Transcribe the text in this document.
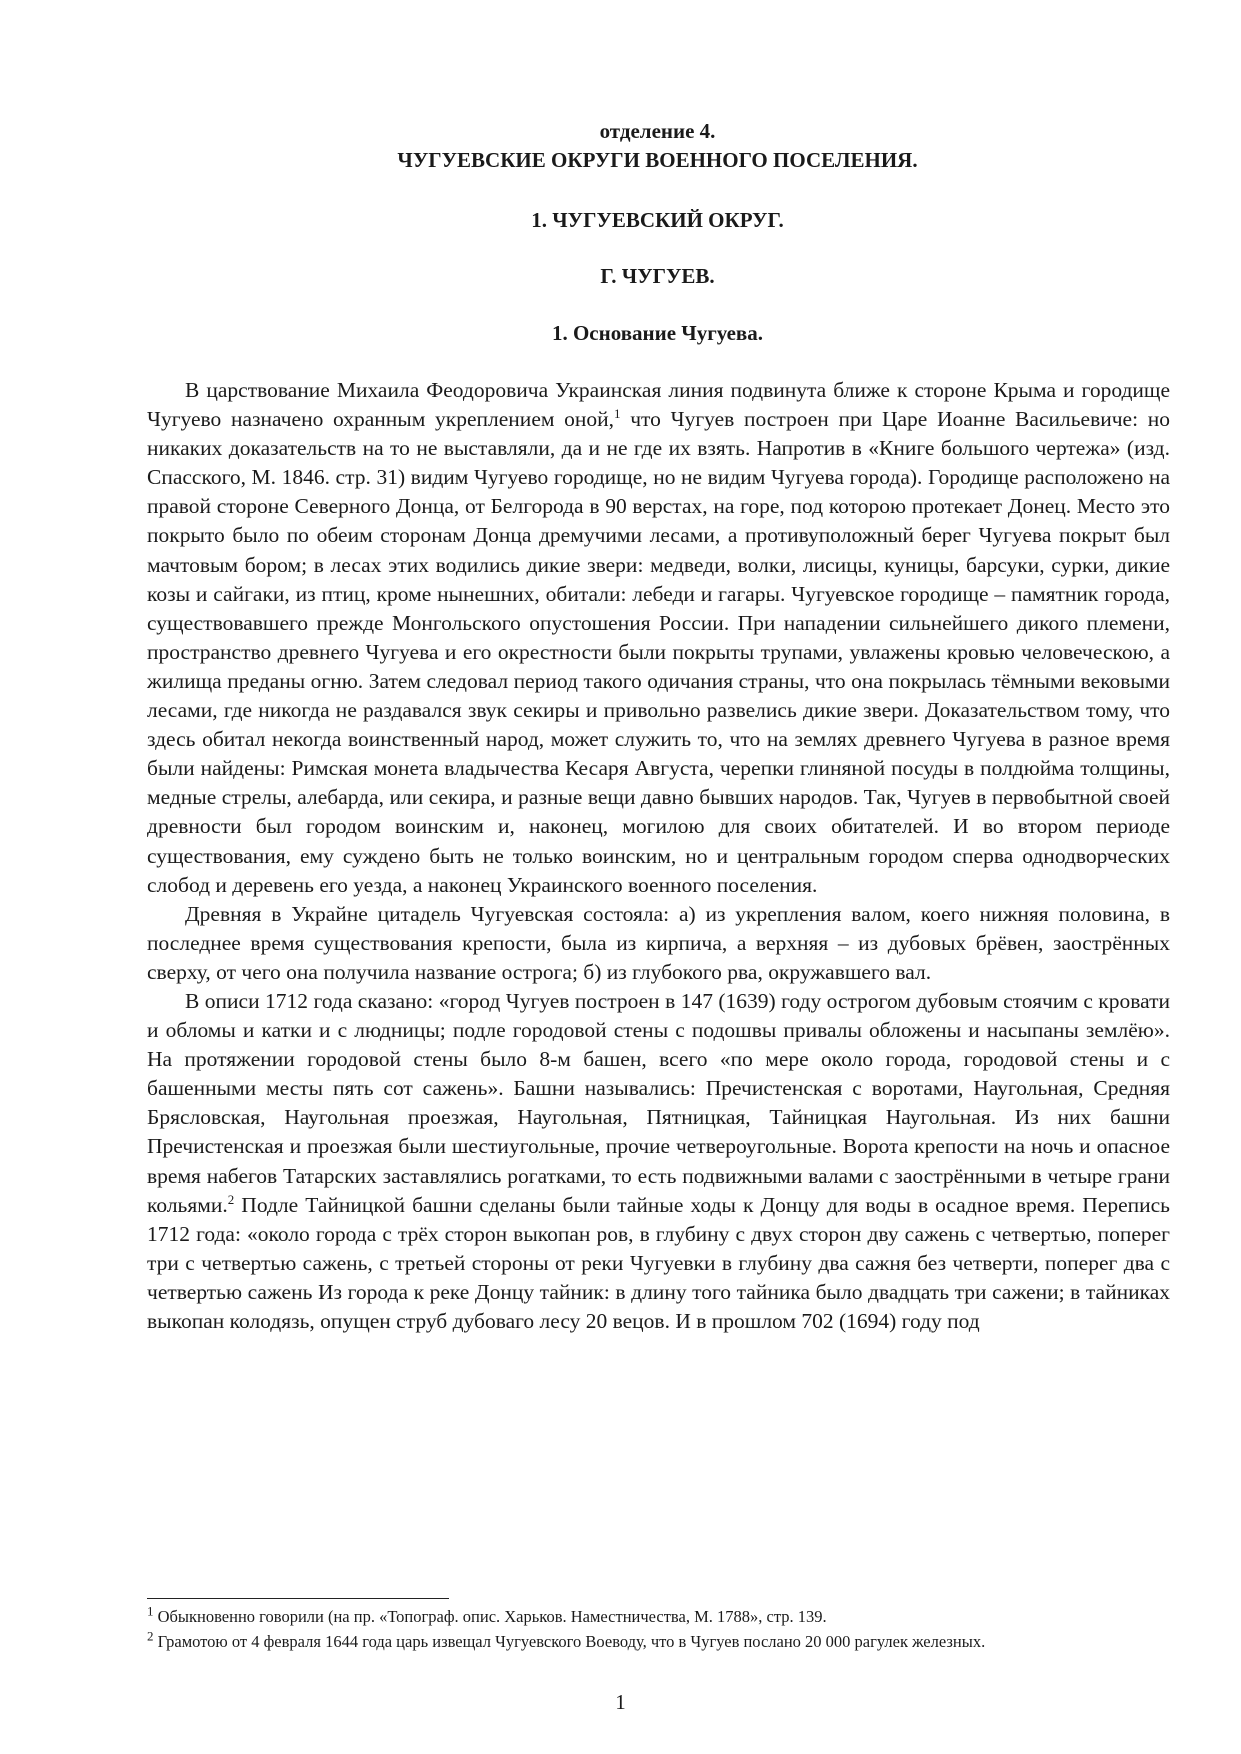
отделение 4.
ЧУГУЕВСКИЕ ОКРУГИ ВОЕННОГО ПОСЕЛЕНИЯ.
1. ЧУГУЕВСКИЙ ОКРУГ.
Г. ЧУГУЕВ.
1. Основание Чугуева.

В царствование Михаила Феодоровича Украинская линия подвинута ближе к стороне Крыма и городище Чугуево назначено охранным укреплением оной,$^1$ что Чугуев построен при Царе Иоанне Васильевиче: но никаких доказательств на то не выставляли, да и не где их взять. Напротив в «Книге большого чертежа» (изд. Спасского, М. 1846. стр. 31) видим Чугуево городище, но не видим Чугуева города). Городище расположено на правой стороне Северного Донца, от Белгорода в 90 верстах, на горе, под которою протекает Донец. Место это покрыто было по обеим сторонам Донца дремучими лесами, а противуположный берег Чугуева покрыт был мачтовым бором; в лесах этих водились дикие звери: медведи, волки, лисицы, куницы, барсуки, сурки, дикие козы и сайгаки, из птиц, кроме нынешних, обитали: лебеди и гагары. Чугуевское городище – памятник города, существовавшего прежде Монгольского опустошения России. При нападении сильнейшего дикого племени, пространство древнего Чугуева и его окрестности были покрыты трупами, увлажены кровью человеческою, а жилища преданы огню. Затем следовал период такого одичания страны, что она покрылась тёмными вековыми лесами, где никогда не раздавался звук секиры и привольно развелись дикие звери. Доказательством тому, что здесь обитал некогда воинственный народ, может служить то, что на землях древнего Чугуева в разное время были найдены: Римская монета владычества Кесаря Августа, черепки глиняной посуды в полдюйма толщины, медные стрелы, алебарда, или секира, и разные вещи давно бывших народов. Так, Чугуев в первобытной своей древности был городом воинским и, наконец, могилою для своих обитателей. И во втором периоде существования, ему суждено быть не только воинским, но и центральным городом сперва однодворческих слобод и деревень его уезда, а наконец Украинского военного поселения.

Древняя в Украйне цитадель Чугуевская состояла: а) из укрепления валом, коего нижняя половина, в последнее время существования крепости, была из кирпича, а верхняя – из дубовых брёвен, заострённых сверху, от чего она получила название острога; б) из глубокого рва, окружавшего вал.

В описи 1712 года сказано: «город Чугуев построен в 147 (1639) году острогом дубовым стоячим с кровати и обломы и катки и с людницы; подле городовой стены с подошвы привалы обложены и насыпаны землёю». На протяжении городовой стены было 8-м башен, всего «по мере около города, городовой стены и с башенными месты пять сот сажень». Башни назывались: Пречистенская с воротами, Наугольная, Средняя Брясловская, Наугольная проезжая, Наугольная, Пятницкая, Тайницкая Наугольная. Из них башни Пречистенская и проезжая были шестиугольные, прочие четвероугольные. Ворота крепости на ночь и опасное время набегов Татарских заставлялись рогатками, то есть подвижными валами с заострёнными в четыре грани кольями.$^2$ Подле Тайницкой башни сделаны были тайные ходы к Донцу для воды в осадное время. Перепись 1712 года: «около города с трёх сторон выкопан ров, в глубину с двух сторон дву сажень с четвертью, поперег три с четвертью сажень, с третьей стороны от реки Чугуевки в глубину два сажня без четверти, поперег два с четвертью сажень Из города к реке Донцу тайник: в длину того тайника было двадцать три сажени; в тайниках выкопан колодязь, опущен струб дубоваго лесу 20 вецов. И в прошлом 702 (1694) году под

$^1$ Обыкновенно говорили (на пр. «Топограф. опис. Харьков. Наместничества, М. 1788», стр. 139.
$^2$ Грамотою от 4 февраля 1644 года царь извещал Чугуевского Воеводу, что в Чугуев послано 20 000 рагулек железных.
1
